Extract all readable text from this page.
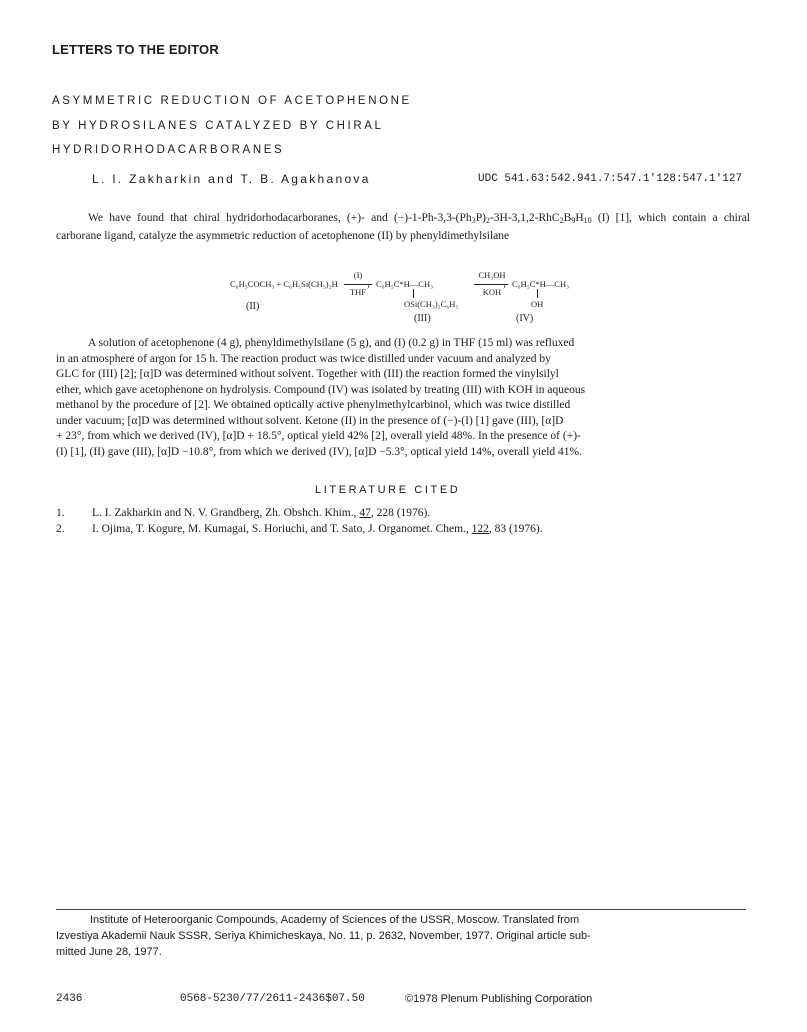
LETTERS TO THE EDITOR
ASYMMETRIC REDUCTION OF ACETOPHENONE
BY HYDROSILANES CATALYZED BY CHIRAL
HYDRIDORHODACARBORANES
L. I. Zakharkin and T. B. Agakhanova	UDC 541.63:542.941.7:547.1'128:547.1'127
We have found that chiral hydridorhodacarboranes, (+)- and $(-)-1-Ph-3,3-(Ph_3P)_2-3H-3,1,2-RhC_2B_9H_{10}$ (I) [1], which contain a chiral carborane ligand, catalyze the asymmetric reduction of acetophenone (II) by phenyldimethylsilane
C₆H₅COCH₃ + C₆H₅Si(CH₃)₂H
(I)
›
THF
C₆H₅C*H—CH₃
OSi(CH₃)₂C₆H₅
CH₃OH
›
KOH
C₆H₅C*H—CH₃
OH
(II)
(III)	(IV)
A solution of acetophenone (4 g), phenyldimethylsilane (5 g), and (I) (0.2 g) in THF (15 ml) was refluxed
in an atmosphere of argon for 15 h. The reaction product was twice distilled under vacuum and analyzed by
GLC for (III) [2]; [α]D was determined without solvent. Together with (III) the reaction formed the vinylsilyl
ether, which gave acetophenone on hydrolysis. Compound (IV) was isolated by treating (III) with KOH in aqueous
methanol by the procedure of [2]. We obtained optically active phenylmethylcarbinol, which was twice distilled
under vacuum; [α]D was determined without solvent. Ketone (II) in the presence of (−)-(I) [1] gave (III), [α]D
+ 23°, from which we derived (IV), [α]D + 18.5°, optical yield 42% [2], overall yield 48%. In the presence of (+)-
(I) [1], (II) gave (III), [α]D −10.8°, from which we derived (IV), [α]D −5.3°, optical yield 14%, overall yield 41%.
LITERATURE CITED
1. L. I. Zakharkin and N. V. Grandberg, Zh. Obshch. Khim., 47, 228 (1976).
2. I. Ojima, T. Kogure, M. Kumagai, S. Horiuchi, and T. Sato, J. Organomet. Chem., 122, 83 (1976).
Institute of Heteroorganic Compounds, Academy of Sciences of the USSR, Moscow. Translated from
Izvestiya Akademii Nauk SSSR, Seriya Khimicheskaya, No. 11, p. 2632, November, 1977. Original article sub-
mitted June 28, 1977.
2436	0568-5230/77/2611-2436$07.50	©1978 Plenum Publishing Corporation
